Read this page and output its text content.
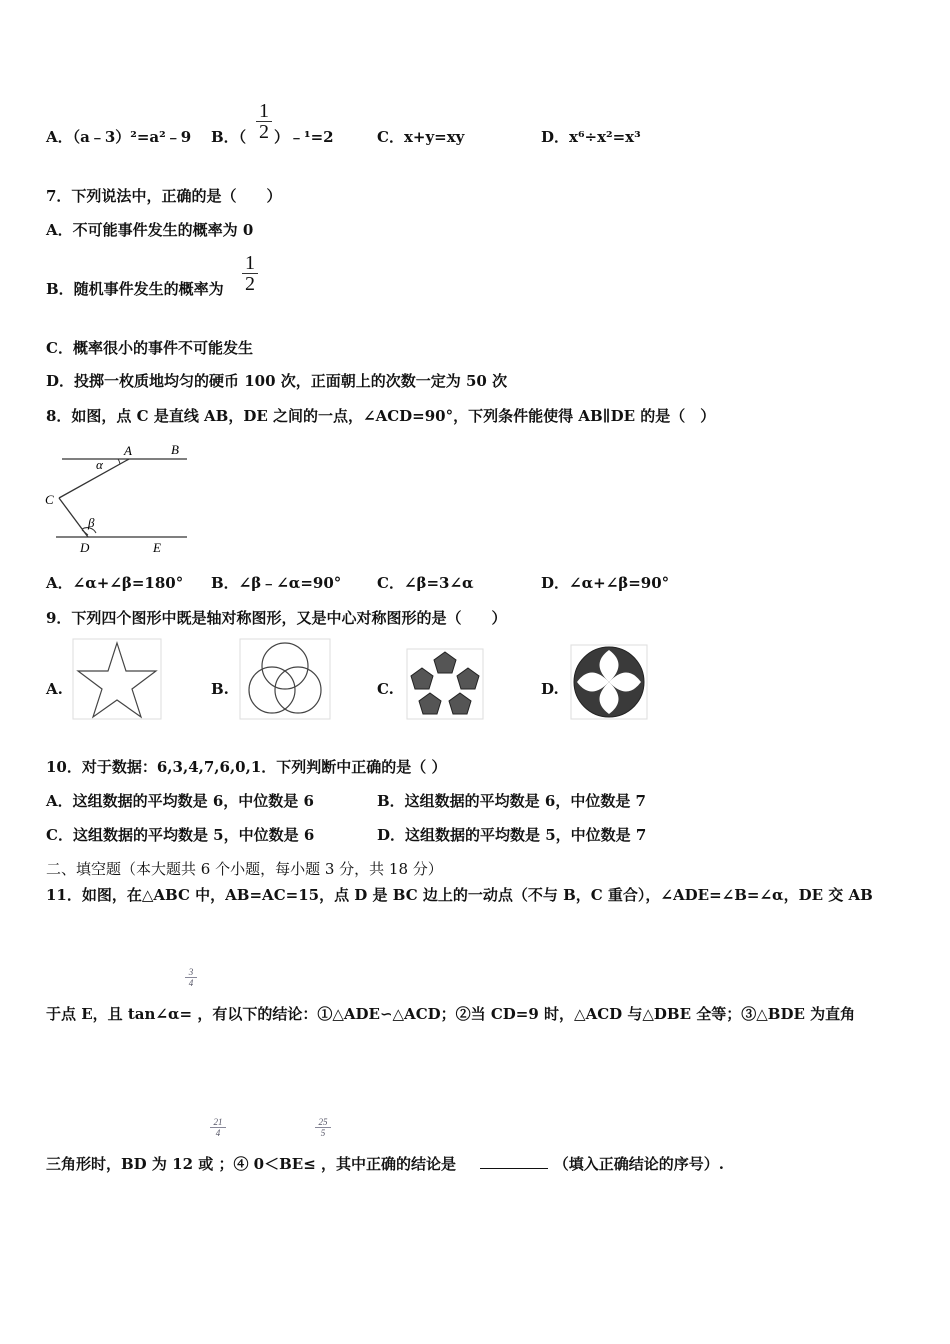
A．（a﹣3）²=a²﹣9 B．（
1
2 ）﹣¹=2	C．x+y=xy	D．x⁶÷x²=x³
7．下列说法中，正确的是（　　）
A．不可能事件发生的概率为 0
B．随机事件发生的概率为
1
2
C．概率很小的事件不可能发生
D．投掷一枚质地均匀的硬币 100 次，正面朝上的次数一定为 50 次
8．如图，点 C 是直线 AB，DE 之间的一点，∠ACD=90°，下列条件能使得 AB∥DE 的是（　）
α
A	B
C
β
D	E
A．∠α+∠β=180° B．∠β﹣∠α=90° C．∠β=3∠α	D．∠α+∠β=90°
9．下列四个图形中既是轴对称图形，又是中心对称图形的是（　　）
A.	B.	C.	D.
10．对于数据：6,3,4,7,6,0,1．下列判断中正确的是（ ）
A．这组数据的平均数是 6，中位数是 6	B．这组数据的平均数是 6，中位数是 7
C．这组数据的平均数是 5，中位数是 6	D．这组数据的平均数是 5，中位数是 7
二、填空题（本大题共 6 个小题，每小题 3 分，共 18 分）
11．如图，在△ABC 中，AB=AC=15，点 D 是 BC 边上的一动点（不与 B，C 重合），∠ADE=∠B=∠α，DE 交 AB
3
4
于点 E，且 tan∠α= ，有以下的结论：①△ADE∽△ACD；②当 CD=9 时，△ACD 与△DBE 全等；③△BDE 为直角
21
4
25
5
三角形时，BD 为 12 或 ；④ 0＜BE≤ ，其中正确的结论是	（填入正确结论的序号）.
